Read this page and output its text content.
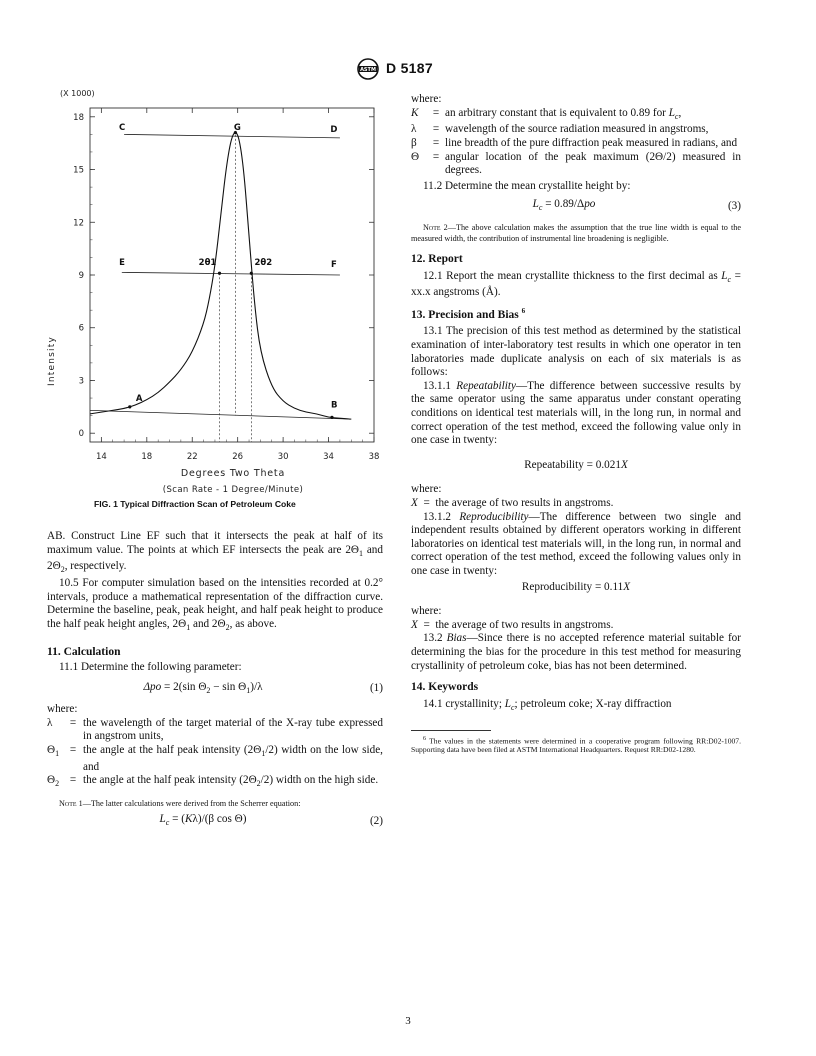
ASTM D 5187
(X 1000)
14	18	22	26	30	34	38
0
3
6
9
12
15
18
C	G	D
E	F
A
B
2θ1	2θ2
Intensity
Degrees Two Theta
(Scan Rate - 1 Degree/Minute)
FIG. 1 Typical Diffraction Scan of Petroleum Coke

AB. Construct Line EF such that it intersects the peak at half of its maximum value. The points at which EF intersects the peak are $2\Theta_1$ and $2\Theta_2$, respectively.

10.5 For computer simulation based on the intensities recorded at 0.2° intervals, produce a mathematical representation of the diffraction curve. Determine the baseline, peak, peak height, and half peak height to produce the half peak height angles, $2\Theta_1$ and $2\Theta_2$, as above.

11. Calculation

11.1 Determine the following parameter:

Δpo = 2(sin $\Theta_2 - \sin \Theta_1)/\lambda$	(1)

where:

λ	= the wavelength of the target material of the X-ray tube expressed in angstrom units,
$\Theta_1$ = the angle at the half peak intensity $(2\Theta_1/2)$ width on the low side, and
$\Theta_2$ = the angle at the half peak intensity $(2\Theta_2/2)$ width on the high side.

Note 1—The latter calculations were derived from the Scherrer equation:

$L_c = (K\lambda)/(\beta$ cos Θ)	(2)

where:

K	= an arbitrary constant that is equivalent to 0.89 for $L_c$,
λ	= wavelength of the source radiation measured in angstroms,
β	= line breadth of the pure diffraction peak measured in radians, and
Θ	= angular location of the peak maximum (2Θ/2) measured in degrees.

11.2 Determine the mean crystallite height by:

$L_c = 0.89/\Delta po$	(3)

Note 2—The above calculation makes the assumption that the true line width is equal to the measured width, the contribution of instrumental line broadening is negligible.

12. Report

12.1 Report the mean crystallite thickness to the first decimal as $L_c = xx.x$ angstroms (Å).

13. Precision and Bias $^6$

13.1 The precision of this test method as determined by the statistical examination of inter-laboratory test results in which one operator in ten laboratories made duplicate analysis on each of six materials is as follows:

13.1.1 Repeatability—The difference between successive results by the same operator using the same apparatus under constant operating conditions on identical test materials will, in the long run, in normal and correct operation of the test method, exceed the following value only in one case in twenty:

Repeatability = 0.021X

where:

X  =  the average of two results in angstroms.

13.1.2 Reproducibility—The difference between two single and independent results obtained by different operators working in different laboratories on identical test materials will, in the long run, in normal and correct operation of the test method, exceed the following values only in one case in twenty:

Reproducibility = 0.11X

where:

X  =  the average of two results in angstroms.

13.2 Bias—Since there is no accepted reference material suitable for determining the bias for the procedure in this test method for measuring crystallinity of petroleum coke, bias has not been determined.

14. Keywords

14.1 crystallinity; $L_c$; petroleum coke; X-ray diffraction

$^6$ The values in the statements were determined in a cooperative program following RR:D02-1007. Supporting data have been filed at ASTM International Headquarters. Request RR:D02-1280.

3
